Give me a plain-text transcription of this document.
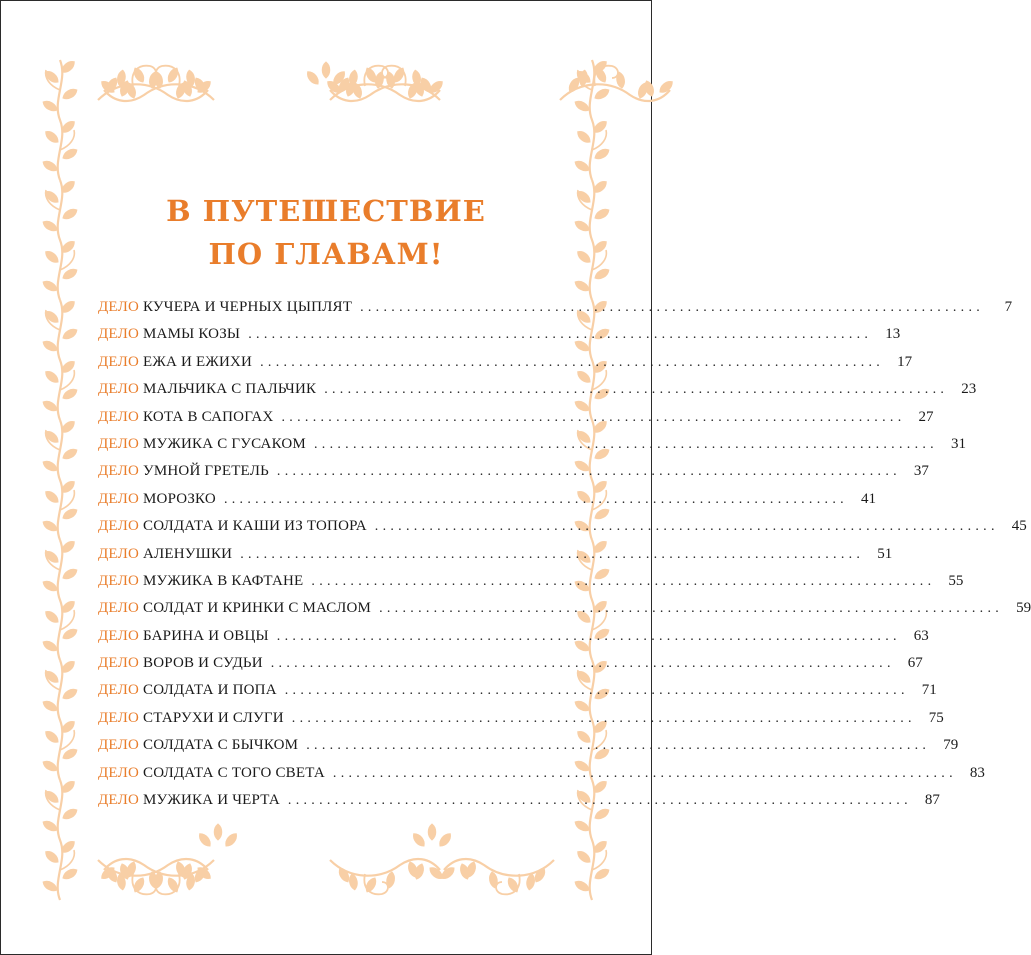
В ПУТЕШЕСТВИЕ
ПО ГЛАВАМ!
ДЕЛО КУЧЕРА И ЧЕРНЫХ ЦЫПЛЯТ ................................................................................	7
ДЕЛО МАМЫ КОЗЫ ................................................................................ 13
ДЕЛО ЕЖА И ЕЖИХИ ................................................................................ 17
ДЕЛО МАЛЬЧИКА С ПАЛЬЧИК ................................................................................ 23
ДЕЛО КОТА В САПОГАХ ................................................................................ 27
ДЕЛО МУЖИКА С ГУСАКОМ ................................................................................ 31
ДЕЛО УМНОЙ ГРЕТЕЛЬ ................................................................................ 37
ДЕЛО МОРОЗКО ................................................................................ 41
ДЕЛО СОЛДАТА И КАШИ ИЗ ТОПОРА ................................................................................ 45
ДЕЛО АЛЕНУШКИ ................................................................................ 51
ДЕЛО МУЖИКА В КАФТАНЕ ................................................................................ 55
ДЕЛО СОЛДАТ И КРИНКИ С МАСЛОМ ................................................................................ 59
ДЕЛО БАРИНА И ОВЦЫ ................................................................................ 63
ДЕЛО ВОРОВ И СУДЬИ ................................................................................ 67
ДЕЛО СОЛДАТА И ПОПА ................................................................................ 71
ДЕЛО СТАРУХИ И СЛУГИ ................................................................................ 75
ДЕЛО СОЛДАТА С БЫЧКОМ ................................................................................ 79
ДЕЛО СОЛДАТА С ТОГО СВЕТА ................................................................................ 83
ДЕЛО МУЖИКА И ЧЕРТА ................................................................................ 87
